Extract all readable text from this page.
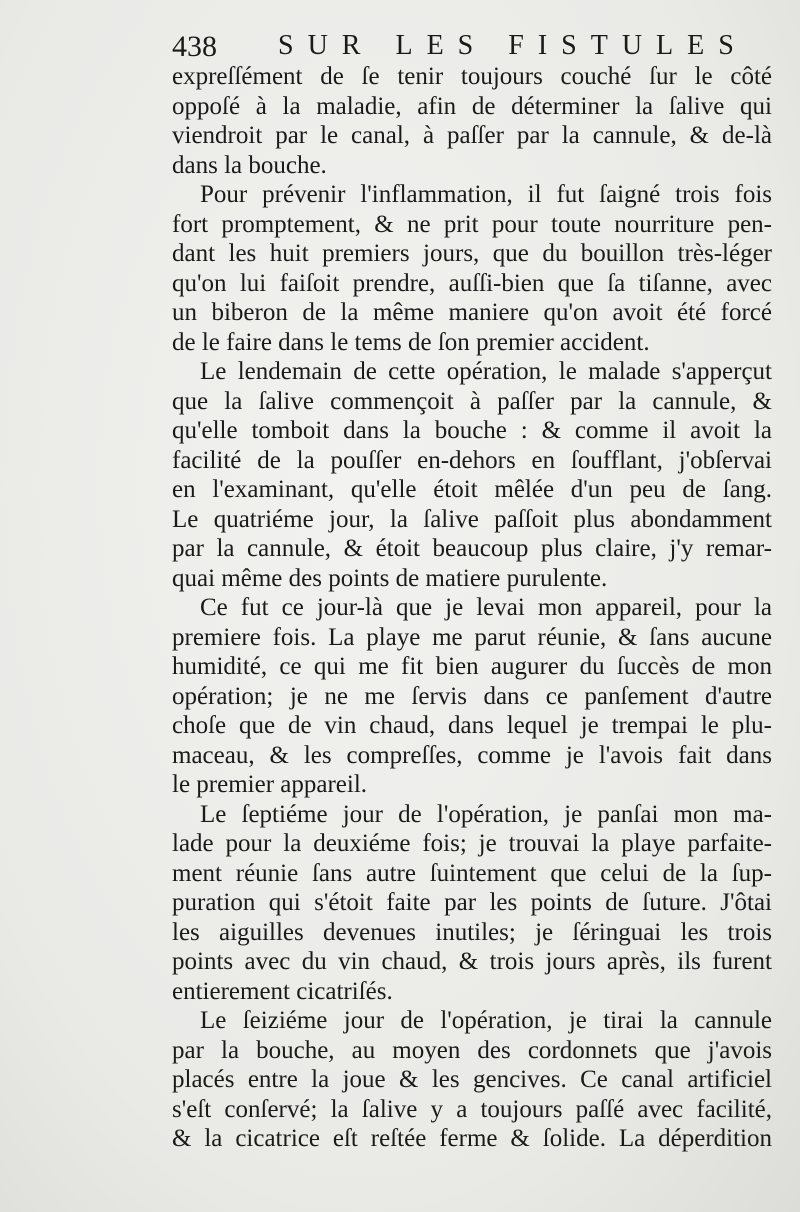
438 SUR LES FISTULES
expreſſément de ſe tenir toujours couché ſur le côté
oppoſé à la maladie, afin de déterminer la ſalive qui
viendroit par le canal, à paſſer par la cannule, & de-là
dans la bouche.
Pour prévenir l'inflammation, il fut ſaigné trois fois
fort promptement, & ne prit pour toute nourriture pen-
dant les huit premiers jours, que du bouillon très-léger
qu'on lui faiſoit prendre, auſſi-bien que ſa tiſanne, avec
un biberon de la même maniere qu'on avoit été forcé
de le faire dans le tems de ſon premier accident.
Le lendemain de cette opération, le malade s'apperçut
que la ſalive commençoit à paſſer par la cannule, &
qu'elle tomboit dans la bouche : & comme il avoit la
facilité de la pouſſer en-dehors en ſoufflant, j'obſervai
en l'examinant, qu'elle étoit mêlée d'un peu de ſang.
Le quatriéme jour, la ſalive paſſoit plus abondamment
par la cannule, & étoit beaucoup plus claire, j'y remar-
quai même des points de matiere purulente.
Ce fut ce jour-là que je levai mon appareil, pour la
premiere fois. La playe me parut réunie, & ſans aucune
humidité, ce qui me fit bien augurer du ſuccès de mon
opération; je ne me ſervis dans ce panſement d'autre
choſe que de vin chaud, dans lequel je trempai le plu-
maceau, & les compreſſes, comme je l'avois fait dans
le premier appareil.
Le ſeptiéme jour de l'opération, je panſai mon ma-
lade pour la deuxiéme fois; je trouvai la playe parfaite-
ment réunie ſans autre ſuintement que celui de la ſup-
puration qui s'étoit faite par les points de ſuture. J'ôtai
les aiguilles devenues inutiles; je ſéringuai les trois
points avec du vin chaud, & trois jours après, ils furent
entierement cicatriſés.
Le ſeiziéme jour de l'opération, je tirai la cannule
par la bouche, au moyen des cordonnets que j'avois
placés entre la joue & les gencives. Ce canal artificiel
s'eſt conſervé; la ſalive y a toujours paſſé avec facilité,
& la cicatrice eſt reſtée ferme & ſolide. La déperdition
